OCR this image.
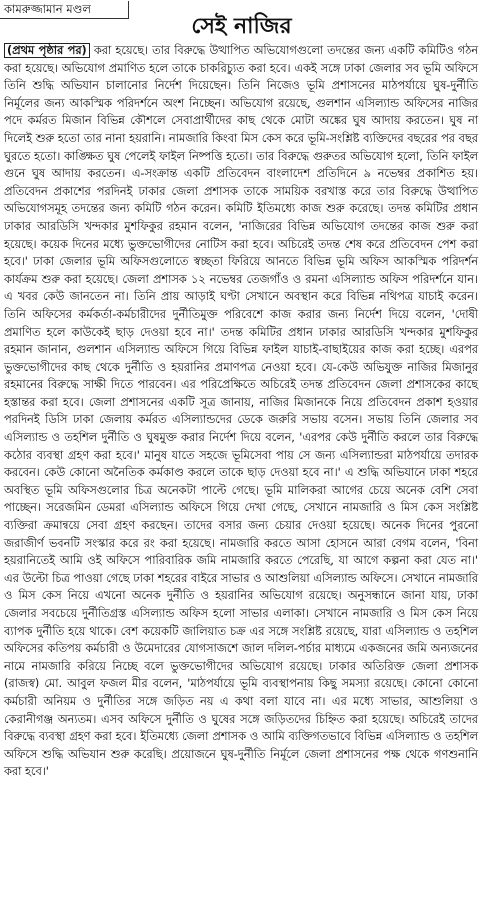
কামরুজ্জামান মণ্ডল
সেই নাজির

(প্রথম পৃষ্ঠার পর) করা হয়েছে। তার বিরুদ্ধে উত্থাপিত অভিযোগগুলো তদন্তের জন্য একটি কমিটিও গঠন করা হয়েছে। অভিযোগ প্রমাণিত হলে তাকে চাকরিচ্যুত করা হবে। একই সঙ্গে ঢাকা জেলার সব ভূমি অফিসে তিনি শুদ্ধি অভিযান চালানোর নির্দেশ দিয়েছেন। তিনি নিজেও ভূমি প্রশাসনের মাঠপর্যায়ে ঘুষ-দুর্নীতি নির্মূলের জন্য আকস্মিক পরিদর্শনে অংশ নিচ্ছেন। অভিযোগ রয়েছে, গুলশান এসিল্যান্ড অফিসের নাজির পদে কর্মরত মিজান বিভিন্ন কৌশলে সেবাপ্রার্থীদের কাছ থেকে মোটা অঙ্কের ঘুষ আদায় করতেন। ঘুষ না দিলেই শুরু হতো তার নানা হয়রানি। নামজারি কিংবা মিস কেস করে ভূমি-সংশ্লিষ্ট ব্যক্তিদের বছরের পর বছর ঘুরতে হতো। কাঙ্ক্ষিত ঘুষ পেলেই ফাইল নিষ্পত্তি হতো। তার বিরুদ্ধে গুরুতর অভিযোগ হলো, তিনি ফাইল গুনে ঘুষ আদায় করতেন। এ-সংক্রান্ত একটি প্রতিবেদন বাংলাদেশ প্রতিদিনে ৯ নভেম্বর প্রকাশিত হয়। প্রতিবেদন প্রকাশের পরদিনই ঢাকার জেলা প্রশাসক তাকে সাময়িক বরখাস্ত করে তার বিরুদ্ধে উত্থাপিত অভিযোগসমূহ তদন্তের জন্য কমিটি গঠন করেন। কমিটি ইতিমধ্যে কাজ শুরু করেছে। তদন্ত কমিটির প্রধান ঢাকার আরডিসি খন্দকার মুশফিকুর রহমান বলেন, 'নাজিরের বিভিন্ন অভিযোগ তদন্তের কাজ শুরু করা হয়েছে। কয়েক দিনের মধ্যে ভুক্তভোগীদের নোটিস করা হবে। অচিরেই তদন্ত শেষ করে প্রতিবেদন পেশ করা হবে।' ঢাকা জেলার ভূমি অফিসগুলোতে স্বচ্ছতা ফিরিয়ে আনতে বিভিন্ন ভূমি অফিস আকস্মিক পরিদর্শন কার্যক্রম শুরু করা হয়েছে। জেলা প্রশাসক ১২ নভেম্বর তেজগাঁও ও রমনা এসিল্যান্ড অফিস পরিদর্শনে যান। এ খবর কেউ জানতেন না। তিনি প্রায় আড়াই ঘণ্টা সেখানে অবস্থান করে বিভিন্ন নথিপত্র যাচাই করেন। তিনি অফিসের কর্মকর্তা-কর্মচারীদের দুর্নীতিমুক্ত পরিবেশে কাজ করার জন্য নির্দেশ দিয়ে বলেন, 'দোষী প্রমাণিত হলে কাউকেই ছাড় দেওয়া হবে না।' তদন্ত কমিটির প্রধান ঢাকার আরডিসি খন্দকার মুশফিকুর রহমান জানান, গুলশান এসিল্যান্ড অফিসে গিয়ে বিভিন্ন ফাইল যাচাই-বাছাইয়ের কাজ করা হচ্ছে। এরপর ভুক্তভোগীদের কাছ থেকে দুর্নীতি ও হয়রানির প্রমাণপত্র নেওয়া হবে। যে-কেউ অভিযুক্ত নাজির মিজানুর রহমানের বিরুদ্ধে সাক্ষী দিতে পারবেন। এর পরিপ্রেক্ষিতে অচিরেই তদন্ত প্রতিবেদন জেলা প্রশাসকের কাছে হস্তান্তর করা হবে। জেলা প্রশাসনের একটি সূত্র জানায়, নাজির মিজানকে নিয়ে প্রতিবেদন প্রকাশ হওয়ার পরদিনই ডিসি ঢাকা জেলায় কর্মরত এসিল্যান্ডদের ডেকে জরুরি সভায় বসেন। সভায় তিনি জেলার সব এসিল্যান্ড ও তহশিল দুর্নীতি ও ঘুষমুক্ত করার নির্দেশ দিয়ে বলেন, 'এরপর কেউ দুর্নীতি করলে তার বিরুদ্ধে কঠোর ব্যবস্থা গ্রহণ করা হবে।' মানুষ যাতে সহজে ভূমিসেবা পায় সে জন্য এসিল্যান্ডরা মাঠপর্যায়ে তদারক করবেন। কেউ কোনো অনৈতিক কর্মকাণ্ড করলে তাকে ছাড় দেওয়া হবে না।' এ শুদ্ধি অভিযানে ঢাকা শহরে অবস্থিত ভূমি অফিসগুলোর চিত্র অনেকটা পাল্টে গেছে। ভূমি মালিকরা আগের চেয়ে অনেক বেশি সেবা পাচ্ছেন। সরেজমিন ডেমরা এসিল্যান্ড অফিসে গিয়ে দেখা গেছে, সেখানে নামজারি ও মিস কেস সংশ্লিষ্ট ব্যক্তিরা ক্রমান্বয়ে সেবা গ্রহণ করছেন। তাদের বসার জন্য চেয়ার দেওয়া হয়েছে। অনেক দিনের পুরনো জরাজীর্ণ ভবনটি সংস্কার করে রং করা হয়েছে। নামজারি করতে আসা হোসনে আরা বেগম বলেন, 'বিনা হয়রানিতেই আমি ওই অফিসে পারিবারিক জমি নামজারি করতে পেরেছি, যা আগে কল্পনা করা যেত না।' এর উল্টো চিত্র পাওয়া গেছে ঢাকা শহরের বাইরে সাভার ও আশুলিয়া এসিল্যান্ড অফিসে। সেখানে নামজারি ও মিস কেস নিয়ে এখনো অনেক দুর্নীতি ও হয়রানির অভিযোগ রয়েছে। অনুসন্ধানে জানা যায়, ঢাকা জেলার সবচেয়ে দুর্নীতিগ্রস্ত এসিল্যান্ড অফিস হলো সাভার এলাকা। সেখানে নামজারি ও মিস কেস নিয়ে ব্যাপক দুর্নীতি হয়ে থাকে। বেশ কয়েকটি জালিয়াত চক্র এর সঙ্গে সংশ্লিষ্ট রয়েছে, যারা এসিল্যান্ড ও তহশিল অফিসের কতিপয় কর্মচারী ও উমেদারের যোগসাজশে জাল দলিল-পর্চার মাধ্যমে একজনের জমি অন্যজনের নামে নামজারি করিয়ে নিচ্ছে বলে ভুক্তভোগীদের অভিযোগ রয়েছে। ঢাকার অতিরিক্ত জেলা প্রশাসক (রাজস্ব) মো. আবুল ফজল মীর বলেন, 'মাঠপর্যায়ে ভূমি ব্যবস্থাপনায় কিছু সমস্যা রয়েছে। কোনো কোনো কর্মচারী অনিয়ম ও দুর্নীতির সঙ্গে জড়িত নয় এ কথা বলা যাবে না। এর মধ্যে সাভার, আশুলিয়া ও কেরানীগঞ্জ অন্যতম। এসব অফিসে দুর্নীতি ও ঘুষের সঙ্গে জড়িতদের চিহ্নিত করা হয়েছে। অচিরেই তাদের বিরুদ্ধে ব্যবস্থা গ্রহণ করা হবে। ইতিমধ্যে জেলা প্রশাসক ও আমি ব্যক্তিগতভাবে বিভিন্ন এসিল্যান্ড ও তহশিল অফিসে শুদ্ধি অভিযান শুরু করেছি। প্রয়োজনে ঘুষ-দুর্নীতি নির্মূলে জেলা প্রশাসনের পক্ষ থেকে গণশুনানি করা হবে।'
